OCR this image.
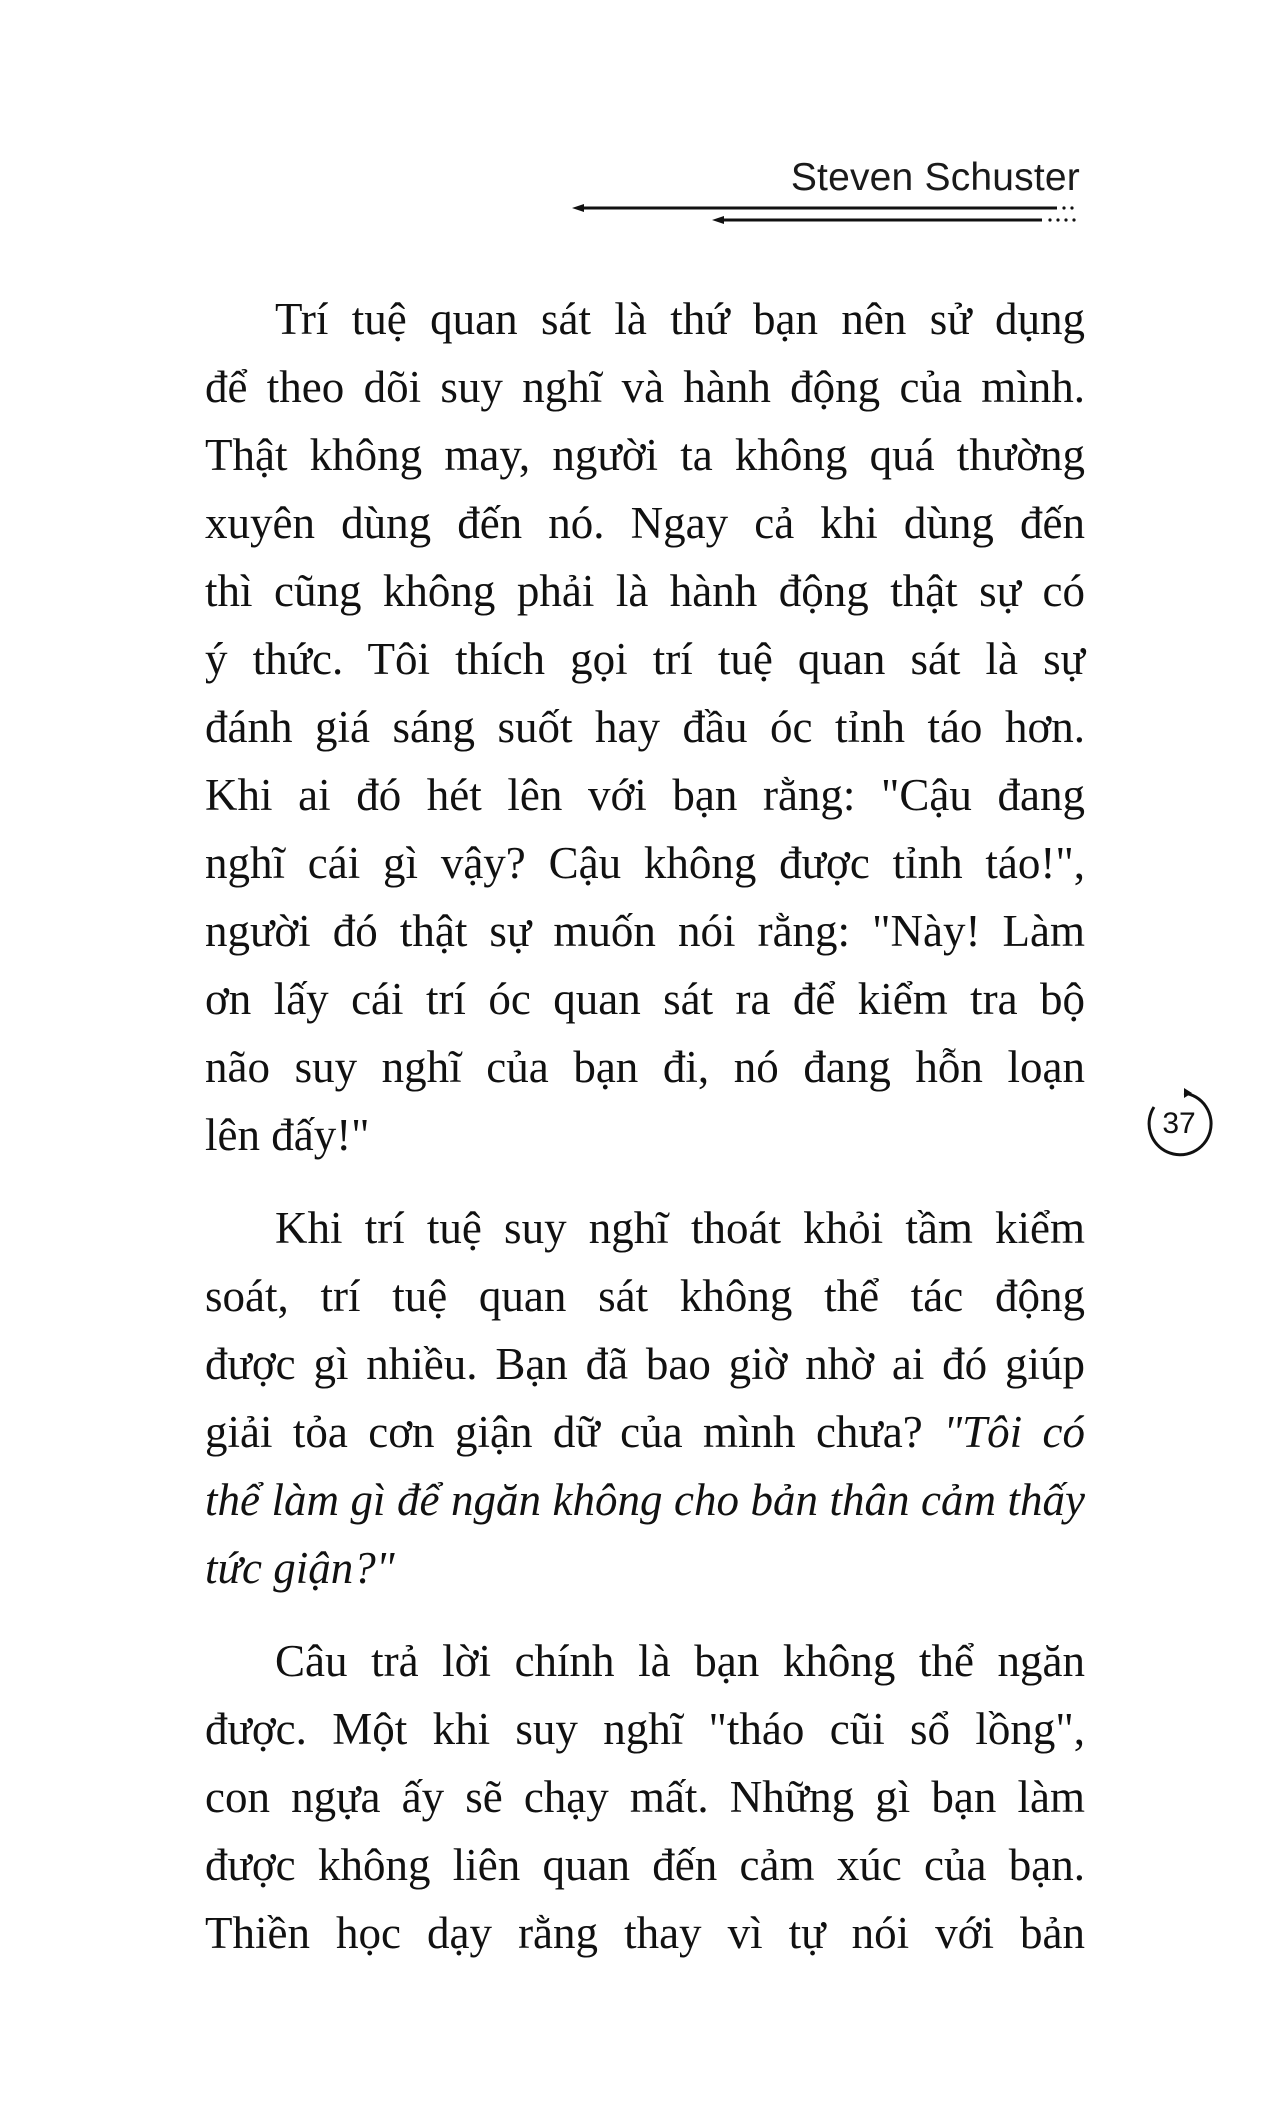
Steven Schuster
Trí tuệ quan sát là thứ bạn nên sử dụng
để theo dõi suy nghĩ và hành động của mình.
Thật không may, người ta không quá thường
xuyên dùng đến nó. Ngay cả khi dùng đến
thì cũng không phải là hành động thật sự có
ý thức. Tôi thích gọi trí tuệ quan sát là sự
đánh giá sáng suốt hay đầu óc tỉnh táo hơn.
Khi ai đó hét lên với bạn rằng: "Cậu đang
nghĩ cái gì vậy? Cậu không được tỉnh táo!",
người đó thật sự muốn nói rằng: "Này! Làm
ơn lấy cái trí óc quan sát ra để kiểm tra bộ
não suy nghĩ của bạn đi, nó đang hỗn loạn
lên đấy!"
Khi trí tuệ suy nghĩ thoát khỏi tầm kiểm
soát, trí tuệ quan sát không thể tác động
được gì nhiều. Bạn đã bao giờ nhờ ai đó giúp
giải tỏa cơn giận dữ của mình chưa? "Tôi có
thể làm gì để ngăn không cho bản thân cảm thấy
tức giận?"
Câu trả lời chính là bạn không thể ngăn
được. Một khi suy nghĩ "tháo cũi sổ lồng",
con ngựa ấy sẽ chạy mất. Những gì bạn làm
được không liên quan đến cảm xúc của bạn.
Thiền học dạy rằng thay vì tự nói với bản
37
